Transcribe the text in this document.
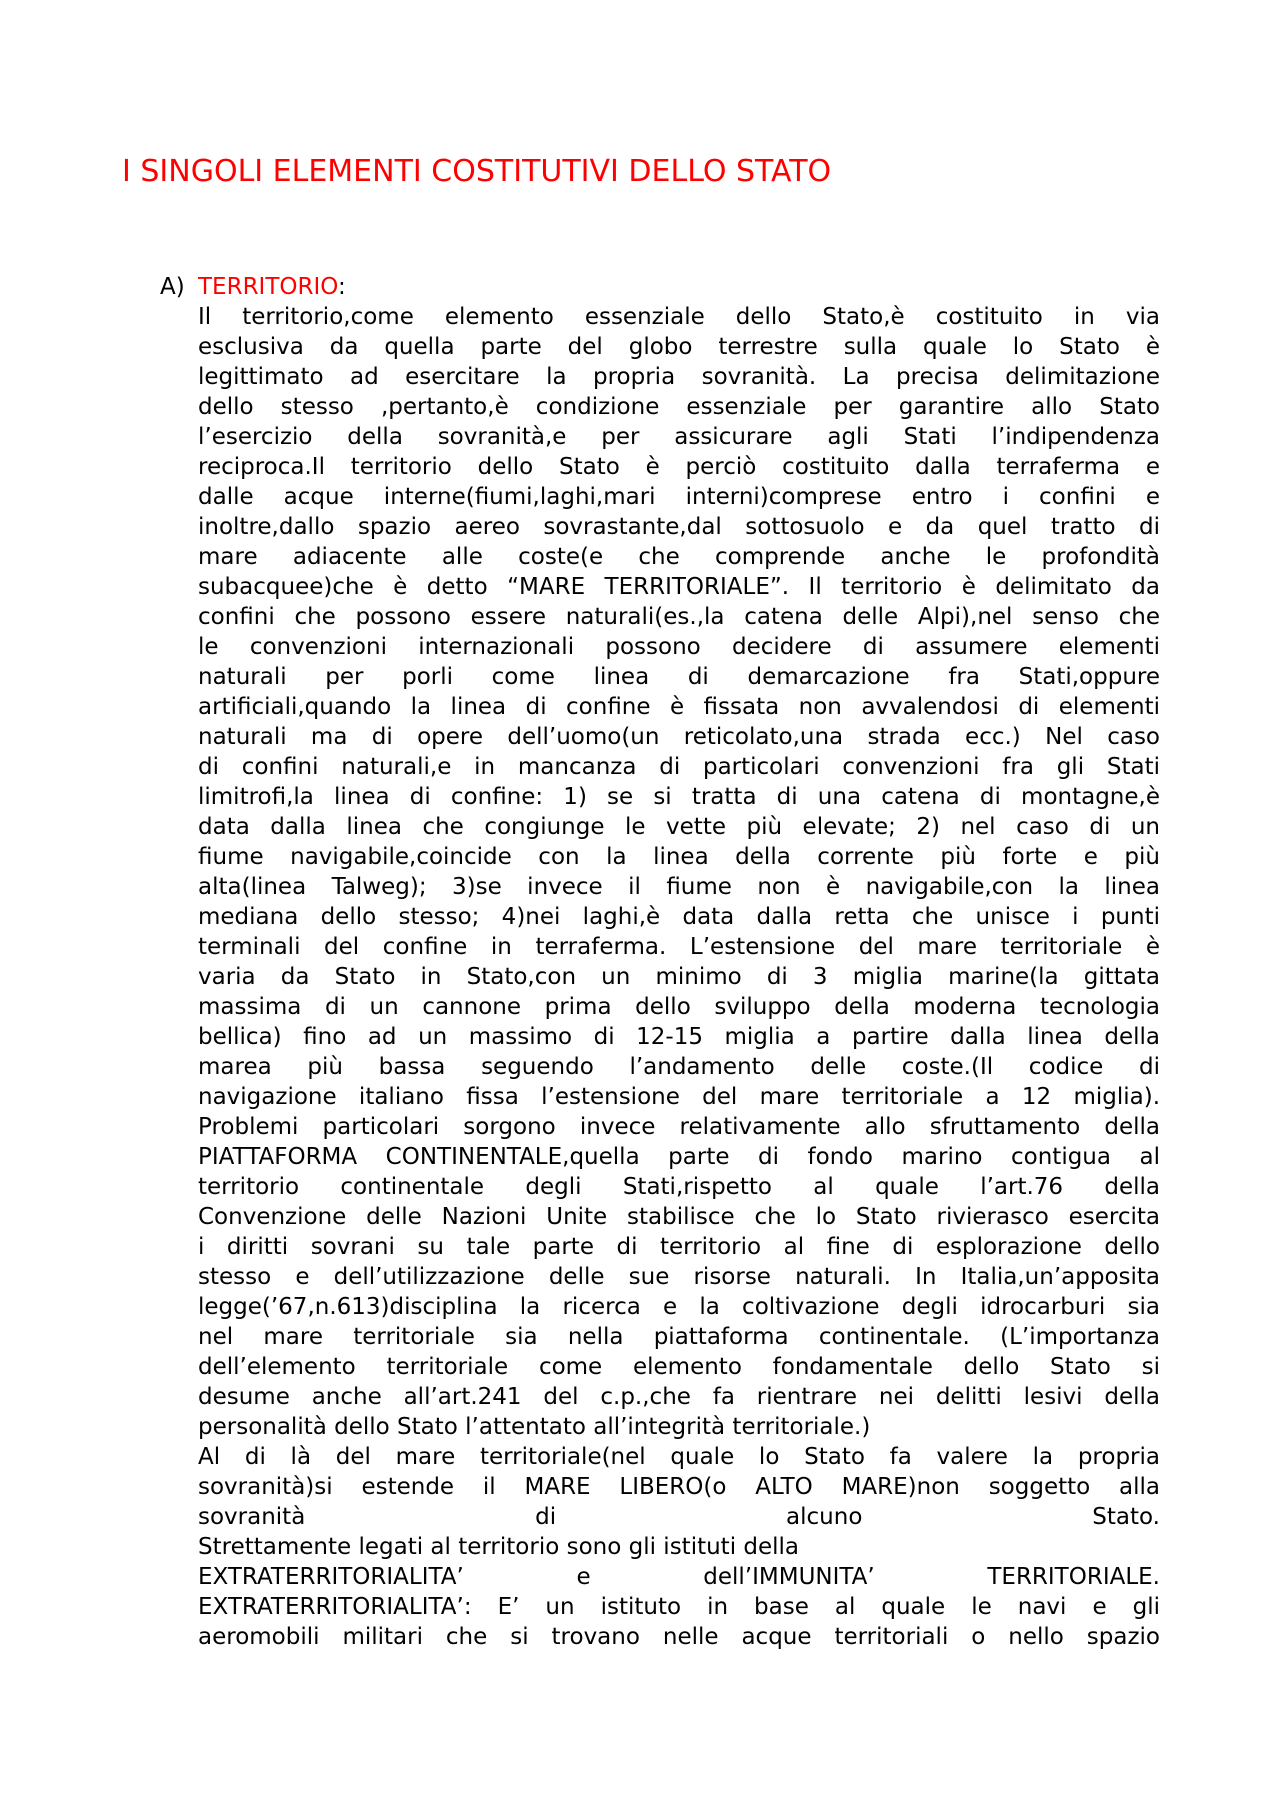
I SINGOLI ELEMENTI COSTITUTIVI DELLO STATO
A) TERRITORIO:
Il territorio,come elemento essenziale dello Stato,è costituito in via
esclusiva da quella parte del globo terrestre sulla quale lo Stato è
legittimato ad esercitare la propria sovranità. La precisa delimitazione
dello stesso ,pertanto,è condizione essenziale per garantire allo Stato
l’esercizio della sovranità,e per assicurare agli Stati l’indipendenza
reciproca.Il territorio dello Stato è perciò costituito dalla terraferma e
dalle acque interne(fiumi,laghi,mari interni)comprese entro i confini e
inoltre,dallo spazio aereo sovrastante,dal sottosuolo e da quel tratto di
mare adiacente alle coste(e che comprende anche le profondità
subacquee)che è detto “MARE TERRITORIALE”. Il territorio è delimitato da
confini che possono essere naturali(es.,la catena delle Alpi),nel senso che
le convenzioni internazionali possono decidere di assumere elementi
naturali per porli come linea di demarcazione fra Stati,oppure
artificiali,quando la linea di confine è fissata non avvalendosi di elementi
naturali ma di opere dell’uomo(un reticolato,una strada ecc.) Nel caso
di confini naturali,e in mancanza di particolari convenzioni fra gli Stati
limitrofi,la linea di confine: 1) se si tratta di una catena di montagne,è
data dalla linea che congiunge le vette più elevate; 2) nel caso di un
fiume navigabile,coincide con la linea della corrente più forte e più
alta(linea Talweg); 3)se invece il fiume non è navigabile,con la linea
mediana dello stesso; 4)nei laghi,è data dalla retta che unisce i punti
terminali del confine in terraferma. L’estensione del mare territoriale è
varia da Stato in Stato,con un minimo di 3 miglia marine(la gittata
massima di un cannone prima dello sviluppo della moderna tecnologia
bellica) fino ad un massimo di 12-15 miglia a partire dalla linea della
marea più bassa seguendo l’andamento delle coste.(Il codice di
navigazione italiano fissa l’estensione del mare territoriale a 12 miglia).
Problemi particolari sorgono invece relativamente allo sfruttamento della
PIATTAFORMA CONTINENTALE,quella parte di fondo marino contigua al
territorio continentale degli Stati,rispetto al quale l’art.76 della
Convenzione delle Nazioni Unite stabilisce che lo Stato rivierasco esercita
i diritti sovrani su tale parte di territorio al fine di esplorazione dello
stesso e dell’utilizzazione delle sue risorse naturali. In Italia,un’apposita
legge(’67,n.613)disciplina la ricerca e la coltivazione degli idrocarburi sia
nel mare territoriale sia nella piattaforma continentale. (L’importanza
dell’elemento territoriale come elemento fondamentale dello Stato si
desume anche all’art.241 del c.p.,che fa rientrare nei delitti lesivi della
personalità dello Stato l’attentato all’integrità territoriale.)
Al di là del mare territoriale(nel quale lo Stato fa valere la propria
sovranità)si estende il MARE LIBERO(o ALTO MARE)non soggetto alla
sovranità di alcuno Stato.
Strettamente legati al territorio sono gli istituti della
EXTRATERRITORIALITA’ e dell’IMMUNITA’ TERRITORIALE.
EXTRATERRITORIALITA’: E’ un istituto in base al quale le navi e gli
aeromobili militari che si trovano nelle acque territoriali o nello spazio
